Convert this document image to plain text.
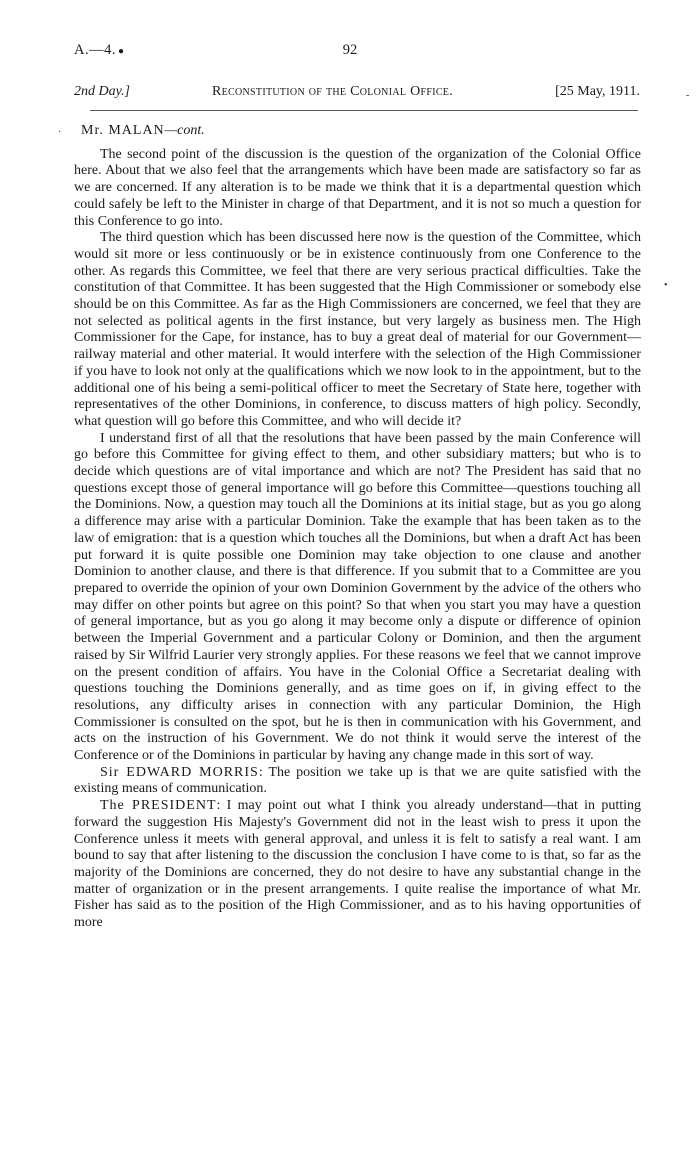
A.—4. ●	92
2nd Day.]	Reconstitution of the Colonial Office.	[25 May, 1911.
·
•
-

Mr. MALAN—cont.

The second point of the discussion is the question of the organization of the Colonial Office here. About that we also feel that the arrangements which have been made are satisfactory so far as we are concerned. If any alteration is to be made we think that it is a departmental question which could safely be left to the Minister in charge of that Department, and it is not so much a question for this Conference to go into.

The third question which has been discussed here now is the question of the Committee, which would sit more or less continuously or be in existence continuously from one Conference to the other. As regards this Committee, we feel that there are very serious practical difficulties. Take the constitution of that Committee. It has been suggested that the High Commissioner or somebody else should be on this Committee. As far as the High Commissioners are concerned, we feel that they are not selected as political agents in the first instance, but very largely as business men. The High Commissioner for the Cape, for instance, has to buy a great deal of material for our Government—railway material and other material. It would interfere with the selection of the High Commissioner if you have to look not only at the qualifications which we now look to in the appointment, but to the additional one of his being a semi-political officer to meet the Secretary of State here, together with representatives of the other Dominions, in conference, to discuss matters of high policy. Secondly, what question will go before this Committee, and who will decide it?

I understand first of all that the resolutions that have been passed by the main Conference will go before this Committee for giving effect to them, and other subsidiary matters; but who is to decide which questions are of vital importance and which are not? The President has said that no questions except those of general importance will go before this Committee—questions touching all the Dominions. Now, a question may touch all the Dominions at its initial stage, but as you go along a difference may arise with a particular Dominion. Take the example that has been taken as to the law of emigration: that is a question which touches all the Dominions, but when a draft Act has been put forward it is quite possible one Dominion may take objection to one clause and another Dominion to another clause, and there is that difference. If you submit that to a Committee are you prepared to override the opinion of your own Dominion Government by the advice of the others who may differ on other points but agree on this point? So that when you start you may have a question of general importance, but as you go along it may become only a dispute or difference of opinion between the Imperial Government and a particular Colony or Dominion, and then the argument raised by Sir Wilfrid Laurier very strongly applies. For these reasons we feel that we cannot improve on the present condition of affairs. You have in the Colonial Office a Secretariat dealing with questions touching the Dominions generally, and as time goes on if, in giving effect to the resolutions, any difficulty arises in connection with any particular Dominion, the High Commissioner is consulted on the spot, but he is then in communication with his Government, and acts on the instruction of his Government. We do not think it would serve the interest of the Conference or of the Dominions in particular by having any change made in this sort of way.

Sir EDWARD MORRIS: The position we take up is that we are quite satisfied with the existing means of communication.

The PRESIDENT: I may point out what I think you already understand—that in putting forward the suggestion His Majesty's Government did not in the least wish to press it upon the Conference unless it meets with general approval, and unless it is felt to satisfy a real want. I am bound to say that after listening to the discussion the conclusion I have come to is that, so far as the majority of the Dominions are concerned, they do not desire to have any substantial change in the matter of organization or in the present arrangements. I quite realise the importance of what Mr. Fisher has said as to the position of the High Commissioner, and as to his having opportunities of more
